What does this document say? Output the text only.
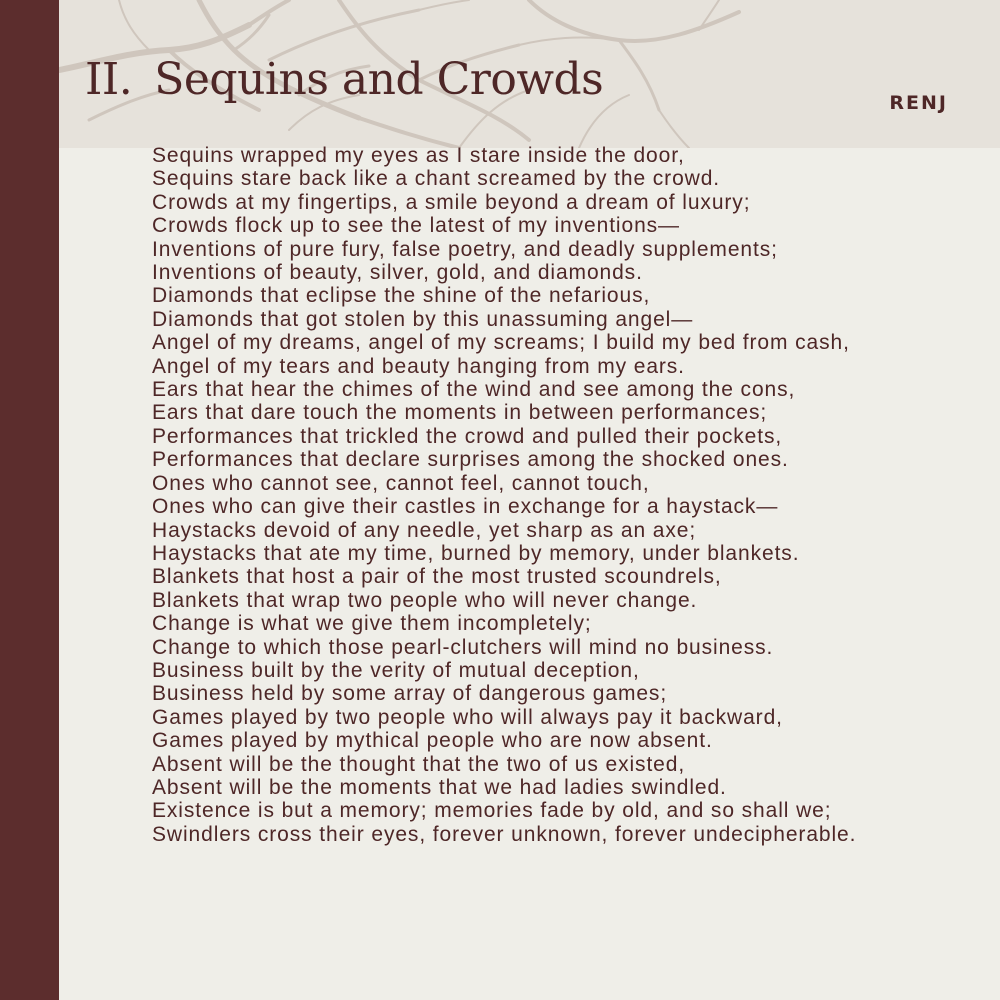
II. Sequins and Crowds	RENJ
Sequins wrapped my eyes as I stare inside the door,
Sequins stare back like a chant screamed by the crowd.
Crowds at my fingertips, a smile beyond a dream of luxury;
Crowds flock up to see the latest of my inventions—
Inventions of pure fury, false poetry, and deadly supplements;
Inventions of beauty, silver, gold, and diamonds.
Diamonds that eclipse the shine of the nefarious,
Diamonds that got stolen by this unassuming angel—
Angel of my dreams, angel of my screams; I build my bed from cash,
Angel of my tears and beauty hanging from my ears.
Ears that hear the chimes of the wind and see among the cons,
Ears that dare touch the moments in between performances;
Performances that trickled the crowd and pulled their pockets,
Performances that declare surprises among the shocked ones.
Ones who cannot see, cannot feel, cannot touch,
Ones who can give their castles in exchange for a haystack—
Haystacks devoid of any needle, yet sharp as an axe;
Haystacks that ate my time, burned by memory, under blankets.
Blankets that host a pair of the most trusted scoundrels,
Blankets that wrap two people who will never change.
Change is what we give them incompletely;
Change to which those pearl-clutchers will mind no business.
Business built by the verity of mutual deception,
Business held by some array of dangerous games;
Games played by two people who will always pay it backward,
Games played by mythical people who are now absent.
Absent will be the thought that the two of us existed,
Absent will be the moments that we had ladies swindled.
Existence is but a memory; memories fade by old, and so shall we;
Swindlers cross their eyes, forever unknown, forever undecipherable.
